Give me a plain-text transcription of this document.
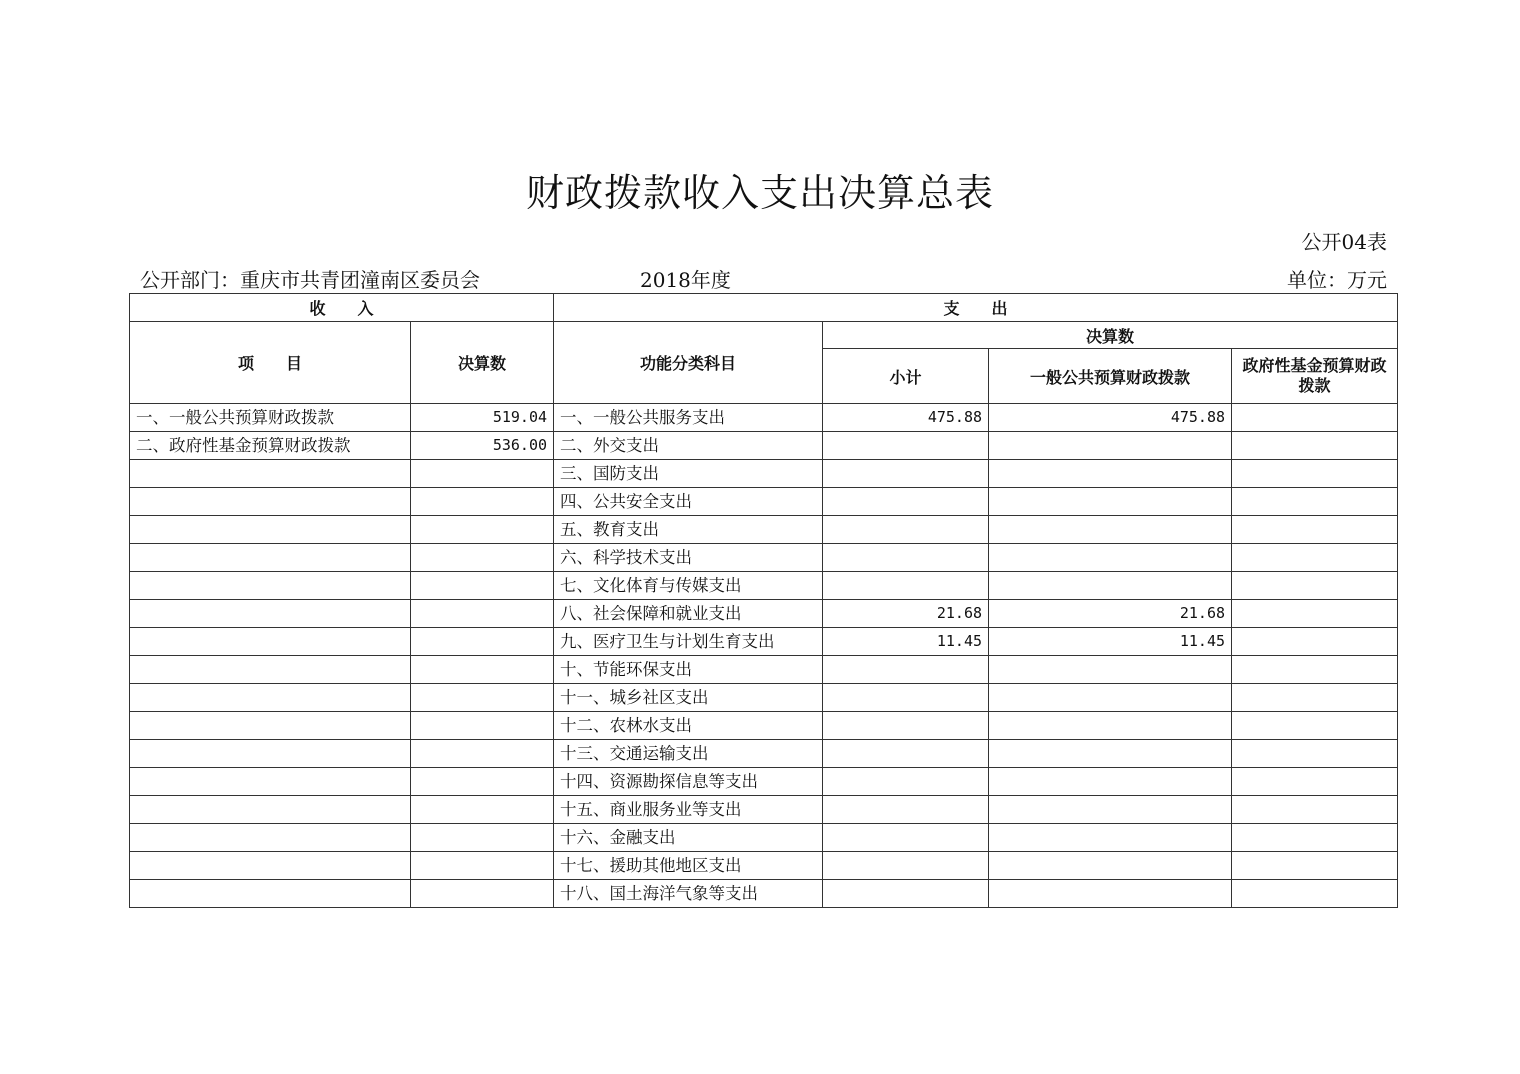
财政拨款收入支出决算总表
公开04表
公开部门：重庆市共青团潼南区委员会	2018年度	单位：万元
收　　入		支　　出			
项　　目	决算数	功能分类科目	决算数		
			小计	一般公共预算财政拨款	政府性基金预算财政拨款
一、一般公共预算财政拨款	519.04	一、一般公共服务支出	475.88	475.88	
二、政府性基金预算财政拨款	536.00	二、外交支出			
		三、国防支出			
		四、公共安全支出			
		五、教育支出			
		六、科学技术支出			
		七、文化体育与传媒支出			
		八、社会保障和就业支出	21.68	21.68	
		九、医疗卫生与计划生育支出	11.45	11.45	
		十、节能环保支出			
		十一、城乡社区支出			
		十二、农林水支出			
		十三、交通运输支出			
		十四、资源勘探信息等支出			
		十五、商业服务业等支出			
		十六、金融支出			
		十七、援助其他地区支出			
		十八、国土海洋气象等支出			
